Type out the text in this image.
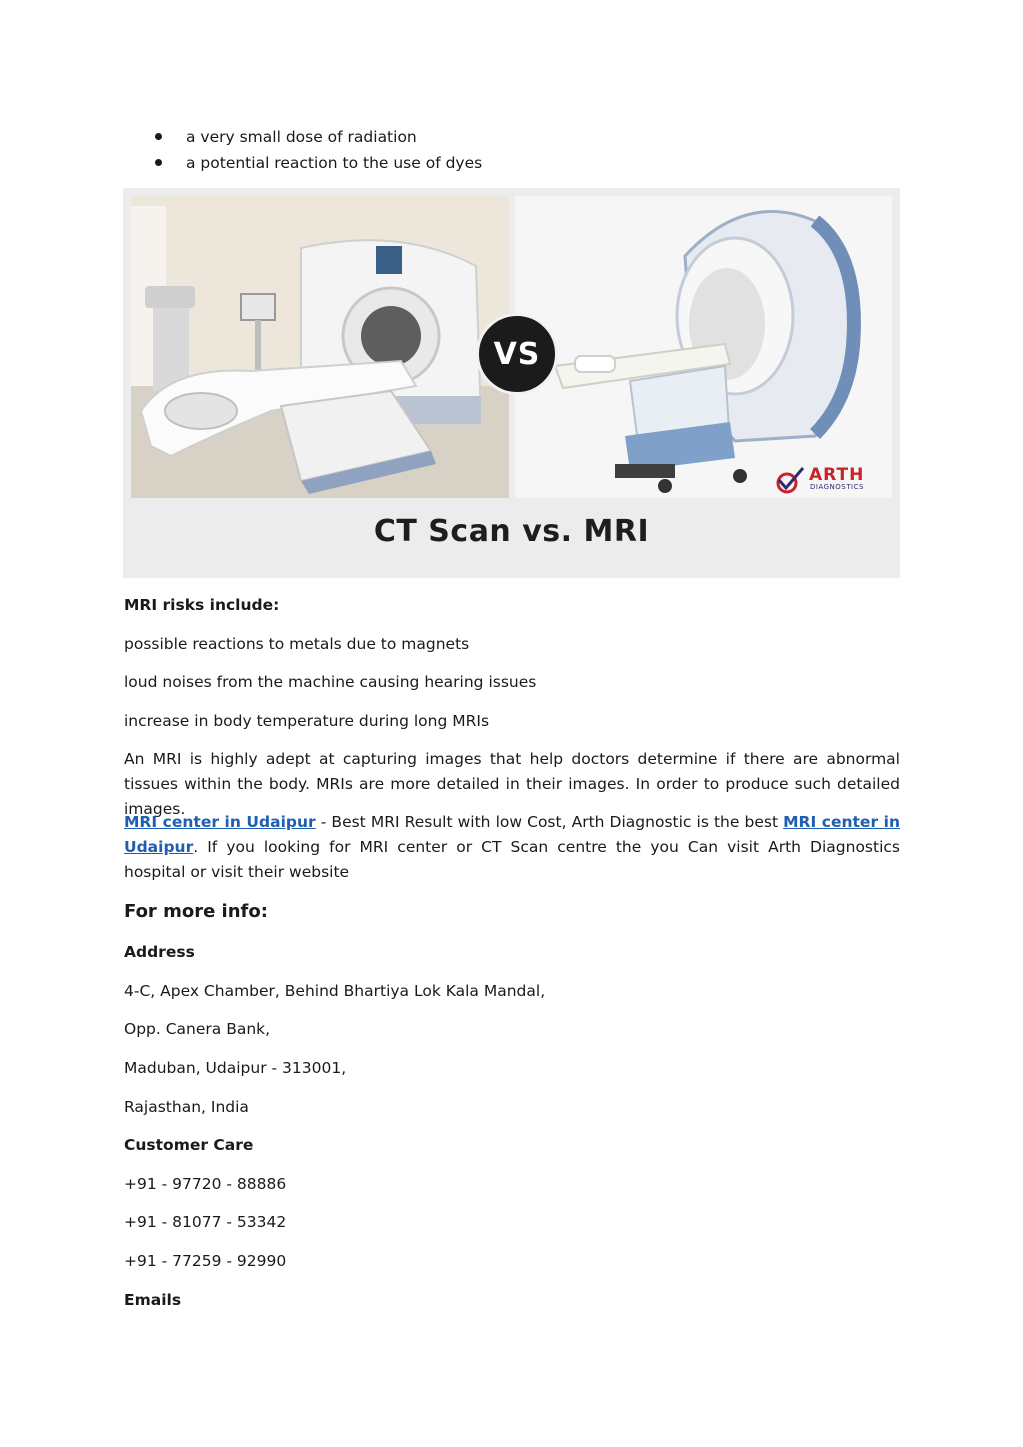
a very small dose of radiation
a potential reaction to the use of dyes
ARTH
DIAGNOSTICS
VS
CT Scan vs. MRI
MRI risks include:
possible reactions to metals due to magnets
loud noises from the machine causing hearing issues
increase in body temperature during long MRIs
An MRI is highly adept at capturing images that help doctors determine if there are abnormal tissues within the body. MRIs are more detailed in their images. In order to produce such detailed images.
MRI center in Udaipur - Best MRI Result with low Cost, Arth Diagnostic is the best MRI center in Udaipur. If you looking for MRI center or CT Scan centre the you Can visit Arth Diagnostics hospital or visit their website
For more info:
Address
4-C, Apex Chamber, Behind Bhartiya Lok Kala Mandal,
Opp. Canera Bank,
Maduban, Udaipur - 313001,
Rajasthan, India
Customer Care
+91 - 97720 - 88886
+91 - 81077 - 53342
+91 - 77259 - 92990
Emails
